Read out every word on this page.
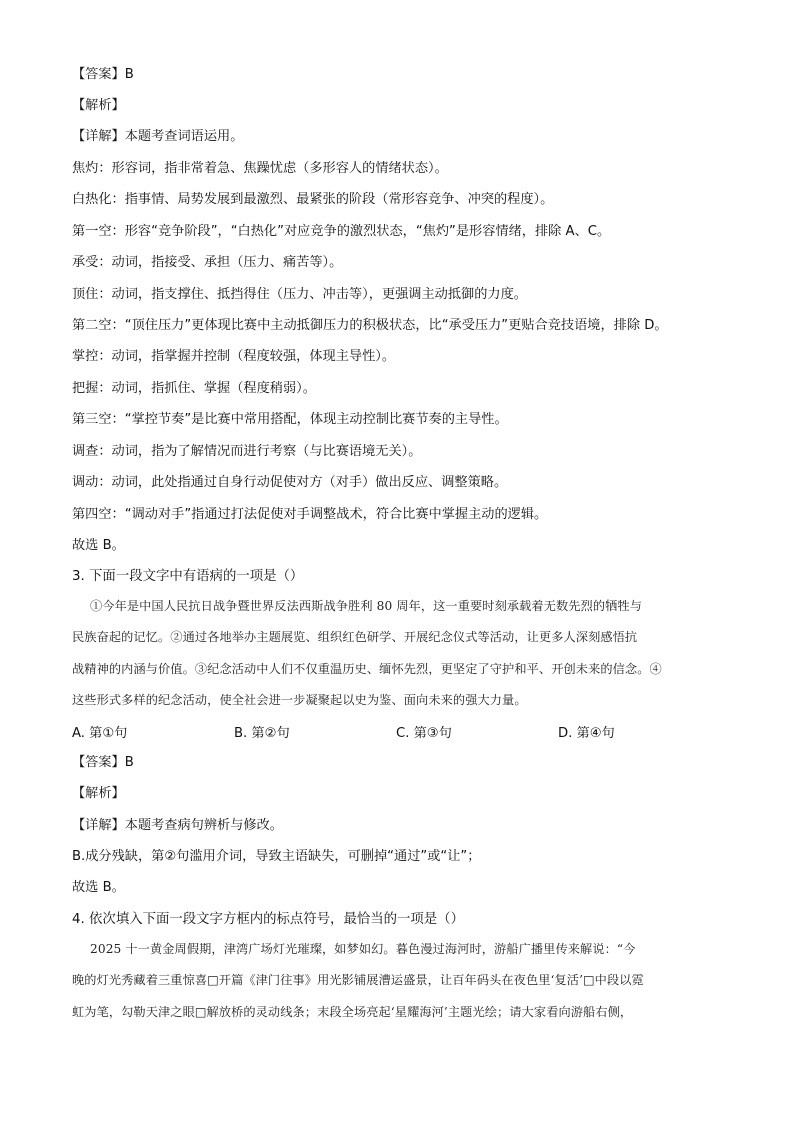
【答案】B
【解析】
【详解】本题考查词语运用。
焦灼：形容词，指非常着急、焦躁忧虑（多形容人的情绪状态）。
白热化：指事情、局势发展到最激烈、最紧张的阶段（常形容竞争、冲突的程度）。
第一空：形容“竞争阶段”，“白热化”对应竞争的激烈状态，“焦灼”是形容情绪，排除 A、C。
承受：动词，指接受、承担（压力、痛苦等）。
顶住：动词，指支撑住、抵挡得住（压力、冲击等），更强调主动抵御的力度。
第二空：“顶住压力”更体现比赛中主动抵御压力的积极状态，比“承受压力”更贴合竞技语境，排除 D。
掌控：动词，指掌握并控制（程度较强，体现主导性）。
把握：动词，指抓住、掌握（程度稍弱）。
第三空：“掌控节奏”是比赛中常用搭配，体现主动控制比赛节奏的主导性。
调查：动词，指为了解情况而进行考察（与比赛语境无关）。
调动：动词，此处指通过自身行动促使对方（对手）做出反应、调整策略。
第四空：“调动对手”指通过打法促使对手调整战术，符合比赛中掌握主动的逻辑。
故选 B。
3. 下面一段文字中有语病的一项是（）
①今年是中国人民抗日战争暨世界反法西斯战争胜利 80 周年，这一重要时刻承载着无数先烈的牺牲与
民族奋起的记忆。②通过各地举办主题展览、组织红色研学、开展纪念仪式等活动，让更多人深刻感悟抗
战精神的内涵与价值。③纪念活动中人们不仅重温历史、缅怀先烈，更坚定了守护和平、开创未来的信念。④
这些形式多样的纪念活动，使全社会进一步凝聚起以史为鉴、面向未来的强大力量。
A. 第①句	B. 第②句	C. 第③句	D. 第④句
【答案】B
【解析】
【详解】本题考查病句辨析与修改。
B.成分残缺，第②句滥用介词，导致主语缺失，可删掉“通过”或“让”；
故选 B。
4. 依次填入下面一段文字方框内的标点符号，最恰当的一项是（）
2025 十一黄金周假期，津湾广场灯光璀璨，如梦如幻。暮色漫过海河时，游船广播里传来解说：“今
晚的灯光秀藏着三重惊喜□开篇《津门往事》用光影铺展漕运盛景，让百年码头在夜色里‘复活’□中段以霓
虹为笔，勾勒天津之眼□解放桥的灵动线条；末段全场亮起‘星耀海河’主题光绘；请大家看向游船右侧，
